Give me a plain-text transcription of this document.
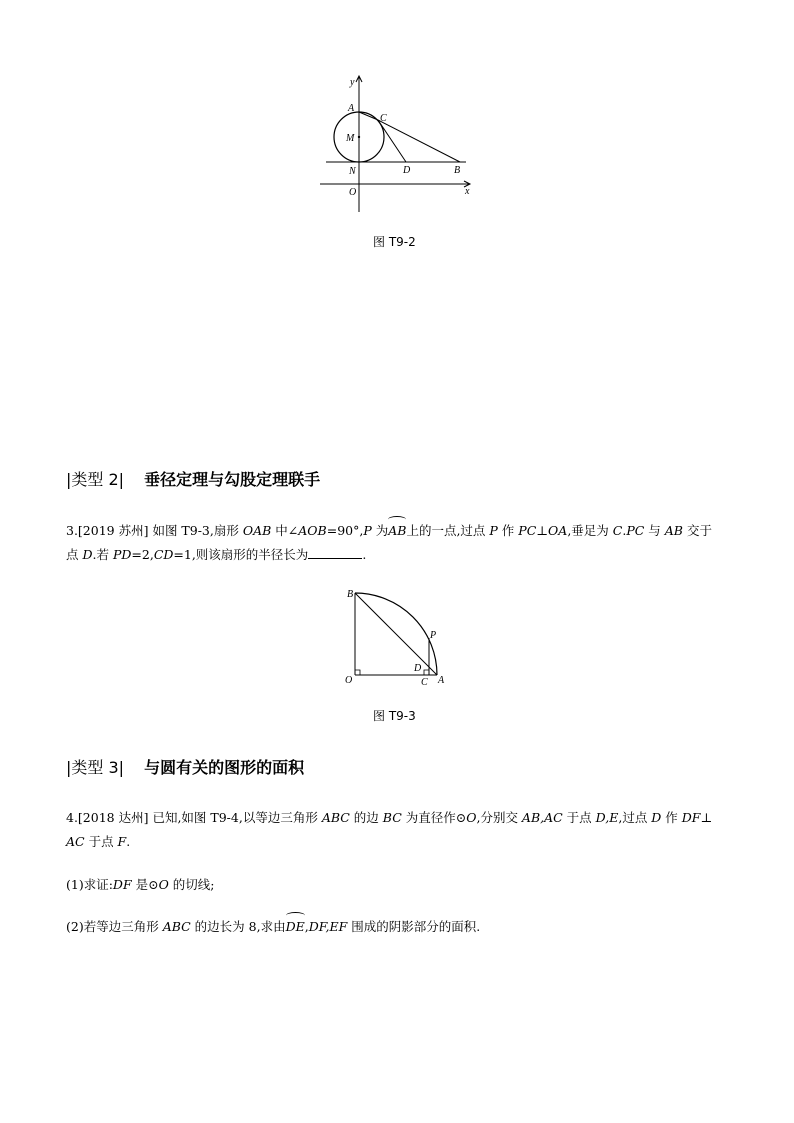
y
x
A
C
M
N	D	B
O
图 T9-2
|类型 2| 垂径定理与勾股定理联手
3.[2019 苏州] 如图 T9-3,扇形 OAB 中∠AOB=90°,P 为AB上的一点,过点 P 作 PC⊥OA,垂足为 C.PC 与 AB 交于
点 D.若 PD=2,CD=1,则该扇形的半径长为	.
B
P
D
O	C A
图 T9-3
|类型 3| 与圆有关的图形的面积
4.[2018 达州] 已知,如图 T9-4,以等边三角形 ABC 的边 BC 为直径作⊙O,分别交 AB,AC 于点 D,E,过点 D 作 DF⊥
AC 于点 F.
(1)求证:DF 是⊙O 的切线;
(2)若等边三角形 ABC 的边长为 8,求由DE,DF,EF 围成的阴影部分的面积.
